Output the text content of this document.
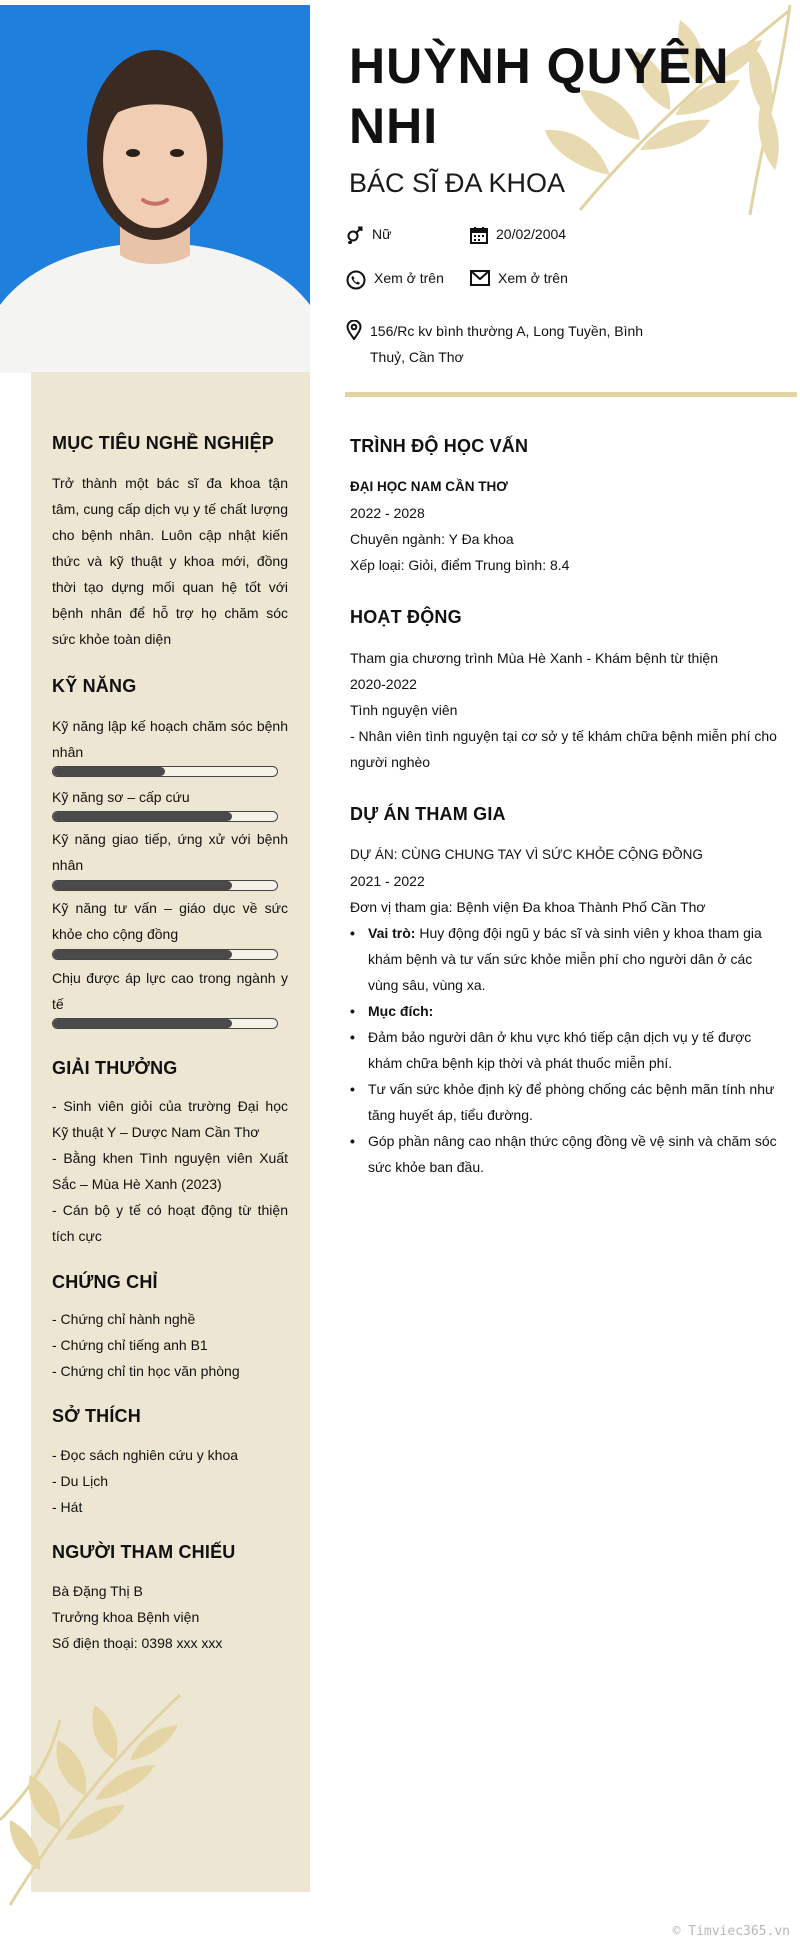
HUỲNH QUYÊN NHI
BÁC SĨ ĐA KHOA
Nữ	20/02/2004
Xem ở trên	Xem ở trên
156/Rc kv bình thường A, Long Tuyền, Bình Thuỷ, Cần Thơ
MỤC TIÊU NGHỀ NGHIỆP

Trở thành một bác sĩ đa khoa tận tâm, cung cấp dịch vụ y tế chất lượng cho bệnh nhân. Luôn cập nhật kiến thức và kỹ thuật y khoa mới, đồng thời tạo dựng mối quan hệ tốt với bệnh nhân để hỗ trợ họ chăm sóc sức khỏe toàn diện

KỸ NĂNG
Kỹ năng lập kế hoạch chăm sóc bệnh nhân
Kỹ năng sơ – cấp cứu
Kỹ năng giao tiếp, ứng xử với bệnh nhân
Kỹ năng tư vấn – giáo dục về sức khỏe cho cộng đồng
Chịu được áp lực cao trong ngành y tế
GIẢI THƯỞNG
- Sinh viên giỏi của trường Đại học Kỹ thuật Y – Dược Nam Cần Thơ
- Bằng khen Tình nguyện viên Xuất Sắc – Mùa Hè Xanh (2023)
- Cán bộ y tế có hoạt động từ thiện tích cực
CHỨNG CHỈ
- Chứng chỉ hành nghề
- Chứng chỉ tiếng anh B1
- Chứng chỉ tin học văn phòng
SỞ THÍCH
- Đọc sách nghiên cứu y khoa
- Du Lịch
- Hát
NGƯỜI THAM CHIẾU
Bà Đặng Thị B
Trưởng khoa Bệnh viện
Số điện thoại: 0398 xxx xxx
TRÌNH ĐỘ HỌC VẤN
ĐẠI HỌC NAM CẦN THƠ
2022 - 2028
Chuyên ngành: Y Đa khoa
Xếp loại: Giỏi, điểm Trung bình: 8.4
HOẠT ĐỘNG
Tham gia chương trình Mùa Hè Xanh - Khám bệnh từ thiện
2020-2022
Tình nguyện viên
- Nhân viên tình nguyện tại cơ sở y tế khám chữa bệnh miễn phí cho người nghèo
DỰ ÁN THAM GIA
DỰ ÁN: CÙNG CHUNG TAY VÌ SỨC KHỎE CỘNG ĐỒNG
2021 - 2022
Đơn vị tham gia: Bệnh viện Đa khoa Thành Phố Cần Thơ
• Vai trò: Huy động đội ngũ y bác sĩ và sinh viên y khoa tham gia khám bệnh và tư vấn sức khỏe miễn phí cho người dân ở các vùng sâu, vùng xa.
• Mục đích:
• Đảm bảo người dân ở khu vực khó tiếp cận dịch vụ y tế được khám chữa bệnh kịp thời và phát thuốc miễn phí.
• Tư vấn sức khỏe định kỳ để phòng chống các bệnh mãn tính như tăng huyết áp, tiểu đường.
• Góp phần nâng cao nhận thức cộng đồng về vệ sinh và chăm sóc sức khỏe ban đầu.
© Timviec365.vn
